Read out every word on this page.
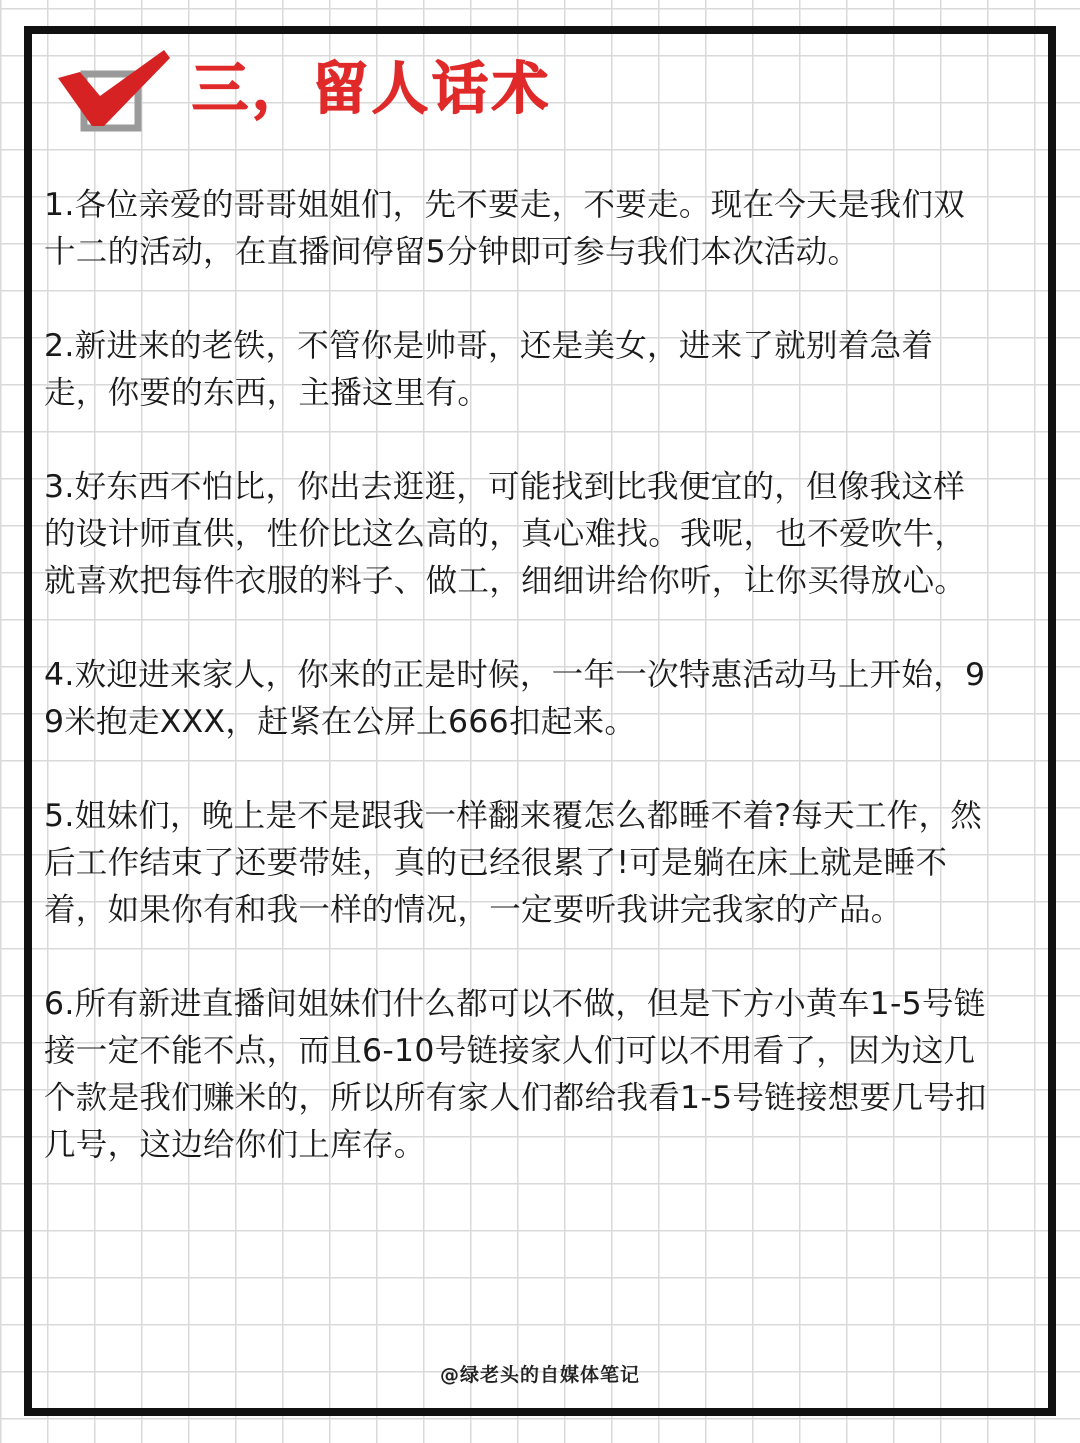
三，留人话术

1.各位亲爱的哥哥姐姐们，先不要走，不要走。现在今天是我们双十二的活动，在直播间停留5分钟即可参与我们本次活动。

2.新进来的老铁，不管你是帅哥，还是美女，进来了就别着急着走，你要的东西，主播这里有。

3.好东西不怕比，你出去逛逛，可能找到比我便宜的，但像我这样的设计师直供，性价比这么高的，真心难找。我呢，也不爱吹牛，就喜欢把每件衣服的料子、做工，细细讲给你听，让你买得放心。

4.欢迎进来家人，你来的正是时候，一年一次特惠活动马上开始，99米抱走XXX，赶紧在公屏上666扣起来。

5.姐妹们，晚上是不是跟我一样翻来覆怎么都睡不着?每天工作，然后工作结束了还要带娃，真的已经很累了!可是躺在床上就是睡不着，如果你有和我一样的情况，一定要听我讲完我家的产品。

6.所有新进直播间姐妹们什么都可以不做，但是下方小黄车1-5号链接一定不能不点，而且6-10号链接家人们可以不用看了，因为这几个款是我们赚米的，所以所有家人们都给我看1-5号链接想要几号扣几号，这边给你们上库存。

@绿老头的自媒体笔记
